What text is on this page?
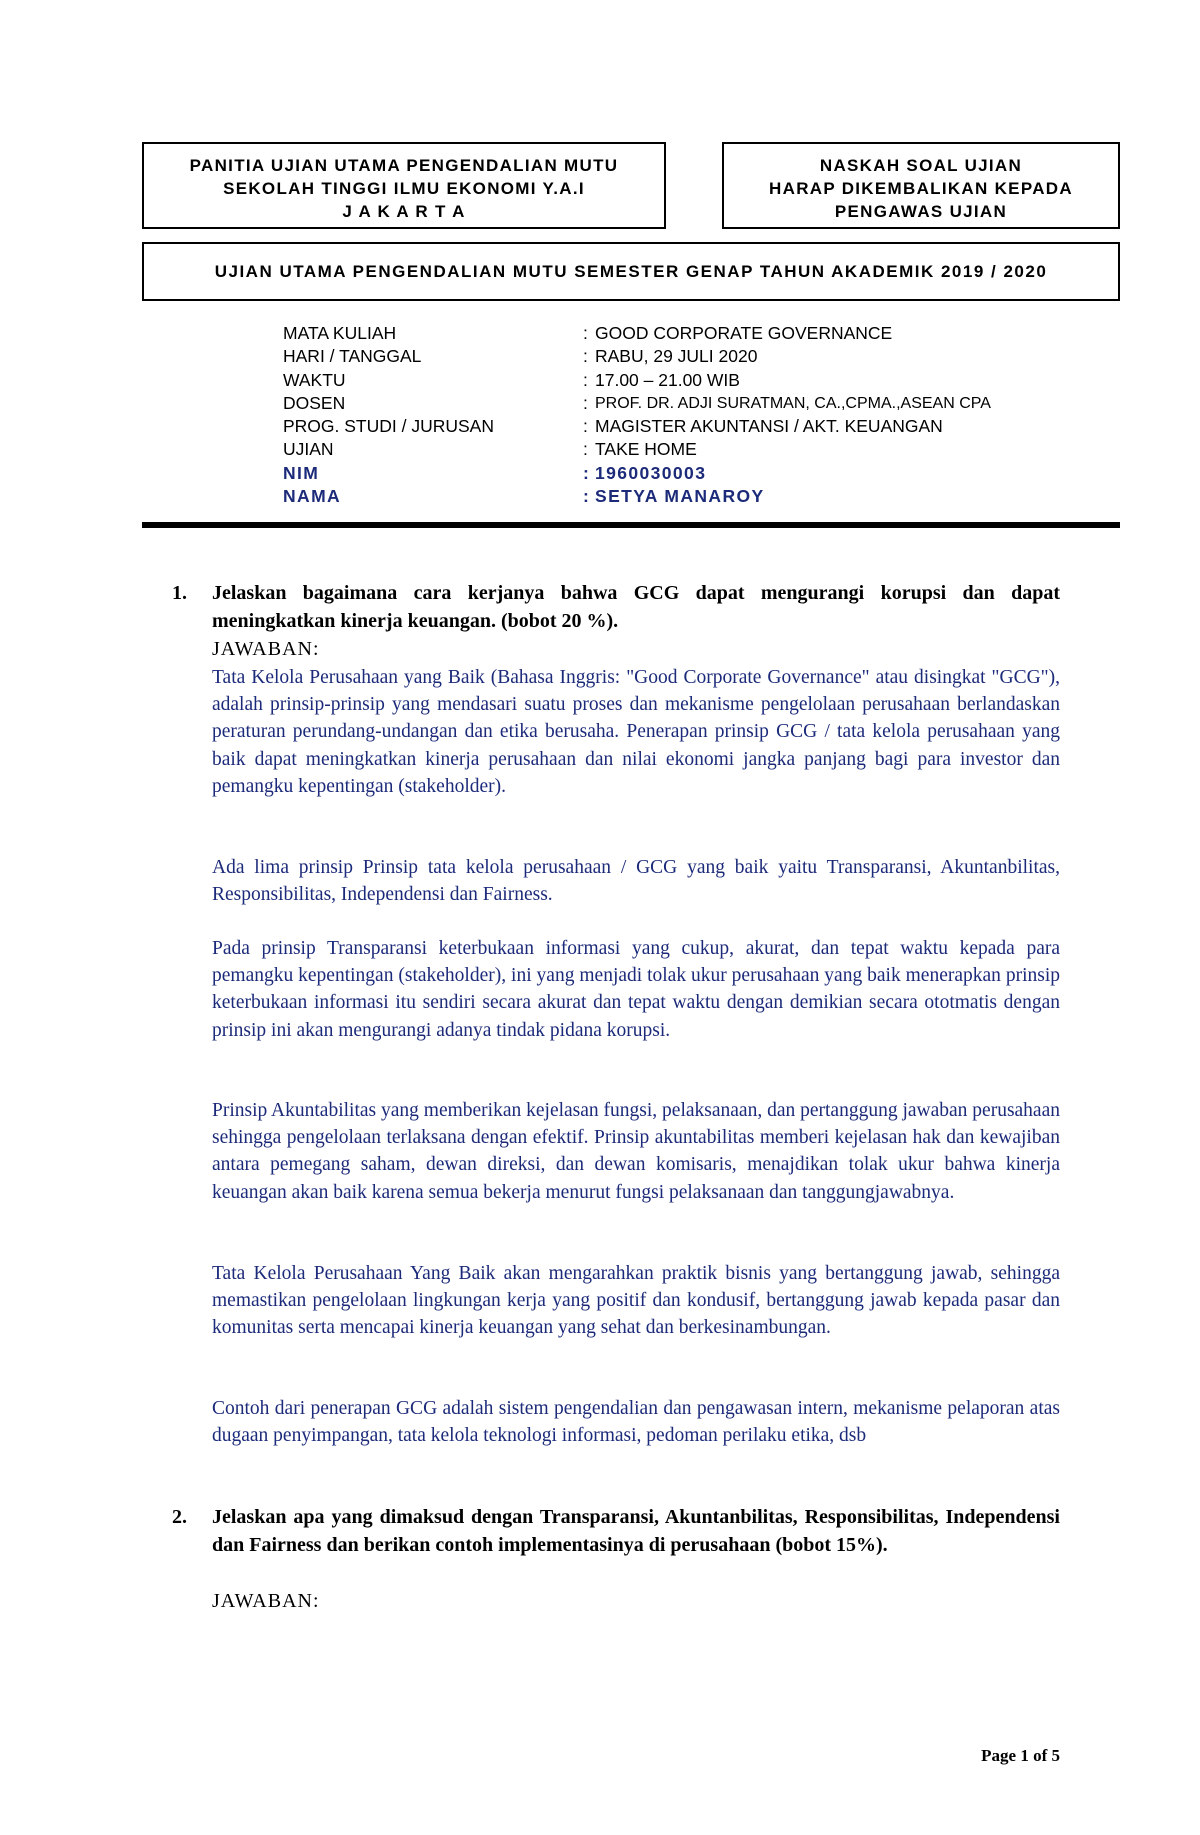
PANITIA UJIAN UTAMA PENGENDALIAN MUTU
SEKOLAH TINGGI ILMU EKONOMI Y.A.I
J A K A R T A
NASKAH SOAL UJIAN
HARAP DIKEMBALIKAN KEPADA
PENGAWAS UJIAN
UJIAN UTAMA PENGENDALIAN MUTU SEMESTER GENAP TAHUN AKADEMIK 2019 / 2020
MATA KULIAH	: GOOD CORPORATE GOVERNANCE
HARI / TANGGAL	: RABU, 29 JULI 2020
WAKTU	: 17.00 – 21.00 WIB
DOSEN	: PROF. DR. ADJI SURATMAN, CA.,CPMA.,ASEAN CPA
PROG. STUDI / JURUSAN	: MAGISTER AKUNTANSI / AKT. KEUANGAN
UJIAN	: TAKE HOME
NIM	: 1960030003
NAMA	: SETYA MANAROY
1. Jelaskan bagaimana cara kerjanya bahwa GCG dapat mengurangi korupsi dan dapat meningkatkan kinerja keuangan. (bobot 20 %).
JAWABAN:

Tata Kelola Perusahaan yang Baik (Bahasa Inggris: "Good Corporate Governance" atau disingkat "GCG"), adalah prinsip-prinsip yang mendasari suatu proses dan mekanisme pengelolaan perusahaan berlandaskan peraturan perundang-undangan dan etika berusaha. Penerapan prinsip GCG / tata kelola perusahaan yang baik dapat meningkatkan kinerja perusahaan dan nilai ekonomi jangka panjang bagi para investor dan pemangku kepentingan (stakeholder).

Ada lima prinsip Prinsip tata kelola perusahaan / GCG yang baik yaitu Transparansi, Akuntanbilitas, Responsibilitas, Independensi dan Fairness.

Pada prinsip Transparansi keterbukaan informasi yang cukup, akurat, dan tepat waktu kepada para pemangku kepentingan (stakeholder), ini yang menjadi tolak ukur perusahaan yang baik menerapkan prinsip keterbukaan informasi itu sendiri secara akurat dan tepat waktu dengan demikian secara ototmatis dengan prinsip ini akan mengurangi adanya tindak pidana korupsi.

Prinsip Akuntabilitas yang memberikan kejelasan fungsi, pelaksanaan, dan pertanggung jawaban perusahaan sehingga pengelolaan terlaksana dengan efektif. Prinsip akuntabilitas memberi kejelasan hak dan kewajiban antara pemegang saham, dewan direksi, dan dewan komisaris, menajdikan tolak ukur bahwa kinerja keuangan akan baik karena semua bekerja menurut fungsi pelaksanaan dan tanggungjawabnya.

Tata Kelola Perusahaan Yang Baik akan mengarahkan praktik bisnis yang bertanggung jawab, sehingga memastikan pengelolaan lingkungan kerja yang positif dan kondusif, bertanggung jawab kepada pasar dan komunitas serta mencapai kinerja keuangan yang sehat dan berkesinambungan.

Contoh dari penerapan GCG adalah sistem pengendalian dan pengawasan intern, mekanisme pelaporan atas dugaan penyimpangan, tata kelola teknologi informasi, pedoman perilaku etika, dsb

2. Jelaskan apa yang dimaksud dengan Transparansi, Akuntanbilitas, Responsibilitas, Independensi dan Fairness dan berikan contoh implementasinya di perusahaan (bobot 15%).
JAWABAN:
Page 1 of 5
